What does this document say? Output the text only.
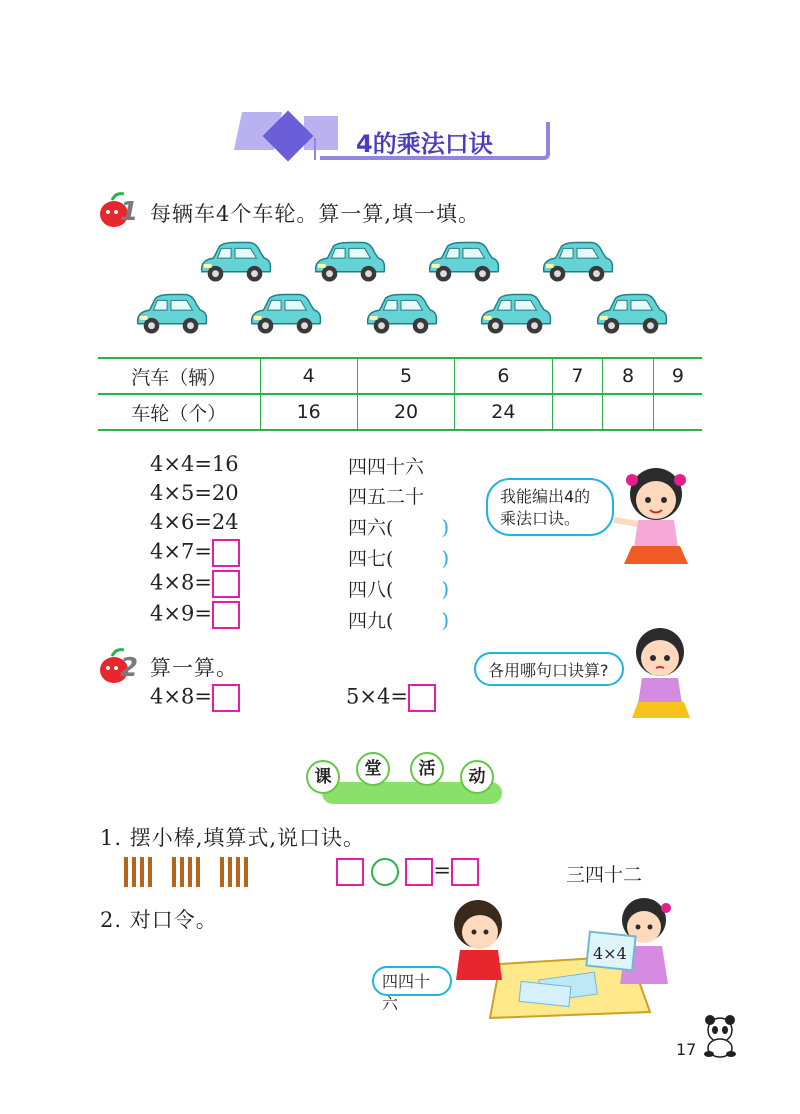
4的乘法口诀
1 每辆车4个车轮。算一算,填一填。
汽车（辆）	4	5	6	7	8	9
车轮（个）	16	20	24			
4×4=16
4×5=20
4×6=24
4×7=
4×8=
4×9=
四四十六
四五二十
四六( )
四七( )
四八( )
四九( )
我能编出4的乘法口诀。
2 算一算。
4×8=	5×4=
各用哪句口诀算?
课	堂	活	动
1. 摆小棒,填算式,说口诀。
=	三四十二
2. 对口令。
四四十六
4×4
17
